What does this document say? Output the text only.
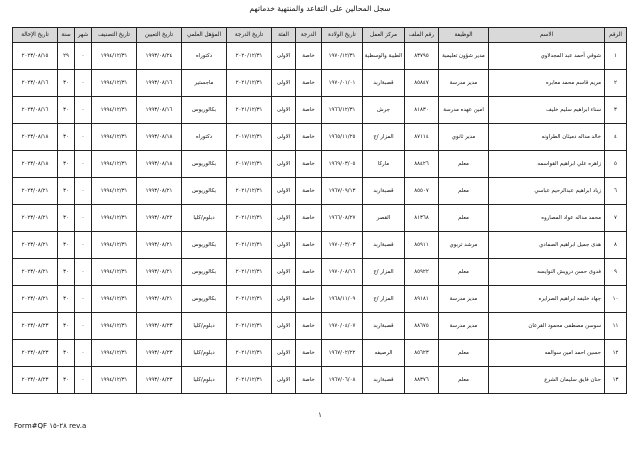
سجل المحالين على التقاعد والمنتهية خدماتهم
الرقم	الاسم	الوظيفة	رقم الملف	مركز العمل	تاريخ الولادة	الدرجة	الفئة	تاريخ الدرجة	المؤهل العلمي	تاريخ التعيين	تاريخ التصنيف	شهر	سنة	تاريخ الإحالة
١	شوقي أحمد عبد المجدلاوي	مدير شؤون تعليمية	٨٣٧٩٥	الطيبة والوسطية	١٩٧٠/١٢/٣١	خاصة	الاولى	٢٠٢٠/١٢/٣١	دكتوراه	١٩٩٣/٠٨/٢٤	١٩٩٤/١٢/٣١	٠	٢٩	٢٠٢٣/٠٨/١٥
٢	مريم قاسم محمد معابره	مدير مدرسة	٨٥٨٤٧	قصبةاربد	١٩٧٠/٠١/٠١	خاصة	الاولى	٢٠٢١/١٢/٣١	ماجستير	١٩٩٣/٠٨/١٦	١٩٩٤/١٢/٣١	٠	٣٠	٢٠٢٣/٠٨/١٦
٣	سناء ابراهيم سليم خليف	امين عهده مدرسة	٨١٨٣٠	جرش	١٩٦٦/١٢/٣١	خاصة	الاولى	٢٠٢١/١٢/٣١	بكالوريوس	١٩٩٣/٠٨/١٦	١٩٩٤/١٢/٣١	٠	٣٠	٢٠٢٣/٠٨/١٦
٤	خالد مداله دميثان الطراونه	مدير ثانوي	٨٧١١٤	المزار /ج	١٩٦٥/١١/٢٥	خاصة	الاولى	٢٠١٧/١٢/٣١	دكتوراه	١٩٩٣/٠٨/١٨	١٩٩٤/١٢/٣١	٠	٣٠	٢٠٢٣/٠٨/١٨
٥	زاهره علي ابراهيم القواسمه	معلم	٨٨٤٢٦	ماركا	١٩٦٩/٠٣/٠٥	خاصة	الاولى	٢٠١٧/١٢/٣١	بكالوريوس	١٩٩٣/٠٨/١٨	١٩٩٤/١٢/٣١	٠	٣٠	٢٠٢٣/٠٨/١٨
٦	زياد ابراهيم عبدالرحيم عباسي	معلم	٨٥٥٠٧	قصبةاربد	١٩٦٧/٠٩/١٣	خاصة	الاولى	٢٠٢١/١٢/٣١	بكالوريوس	١٩٩٣/٠٨/٢١	١٩٩٤/١٢/٣١	٠	٣٠	٢٠٢٣/٠٨/٢١
٧	محمد مداله عواد المصاروه	معلم	٨١٣٦٨	القصر	١٩٦٦/٠٨/٢٧	خاصة	الاولى	٢٠٢١/١٢/٣١	دبلوم/كليا	١٩٩٣/٠٨/٢٢	١٩٩٤/١٢/٣١	٠	٣٠	٢٠٢٣/٠٨/٢١
٨	هدى جميل ابراهيم الصمادي	مرشد تربوي	٨٥٩١١	قصبةاربد	١٩٧٠/٠٣/٠٣	خاصة	الاولى	٢٠٢١/١٢/٣١	بكالوريوس	١٩٩٣/٠٨/٢١	١٩٩٤/١٢/٣١	٠	٣٠	٢٠٢٣/٠٨/٢١
٩	فدوى حسن درويش النوايسه	معلم	٨٥٩٢٢	المزار /ج	١٩٧٠/٠٨/١٦	خاصة	الاولى	٢٠٢١/١٢/٣١	بكالوريوس	١٩٩٣/٠٨/٢١	١٩٩٤/١٢/٣١	٠	٣٠	٢٠٢٣/٠٨/٢١
١٠	جهاد خليفه ابراهيم الصرايره	مدير مدرسة	٨٩١٨١	المزار /ج	١٩٦٨/١١/٠٩	خاصة	الاولى	٢٠٢١/١٢/٣١	بكالوريوس	١٩٩٣/٠٨/٢١	١٩٩٤/١٢/٣١	٠	٣٠	٢٠٢٣/٠٨/٢١
١١	سوسن مصطفى محمود القرعان	مدير مدرسة	٨٨٦٧٥	قصبةاربد	١٩٧٠/٠٤/٠٧	خاصة	الاولى	٢٠٢١/١٢/٣١	دبلوم/كليا	١٩٩٣/٠٨/٢٣	١٩٩٤/١٢/٣١	٠	٣٠	٢٠٢٣/٠٨/٢٣
١٢	حسين احمد امين سوالمه	معلم	٨٥٦٢٣	الرصيفه	١٩٦٧/٠٢/٢٢	خاصة	الاولى	٢٠٢١/١٢/٣١	دبلوم/كليا	١٩٩٣/٠٨/٢٣	١٩٩٤/١٢/٣١	٠	٣٠	٢٠٢٣/٠٨/٢٣
١٣	حنان فايق سليمان الشرع	معلم	٨٨٣٧٦	قصبةاربد	١٩٦٧/٠٦/٠٨	خاصة	الاولى	٢٠٢١/١٢/٣١	دبلوم/كليا	١٩٩٣/٠٨/٢٣	١٩٩٤/١٢/٣١	٠	٣٠	٢٠٢٣/٠٨/٢٣
١
Form#QF ٢٨-١٥ rev.a
